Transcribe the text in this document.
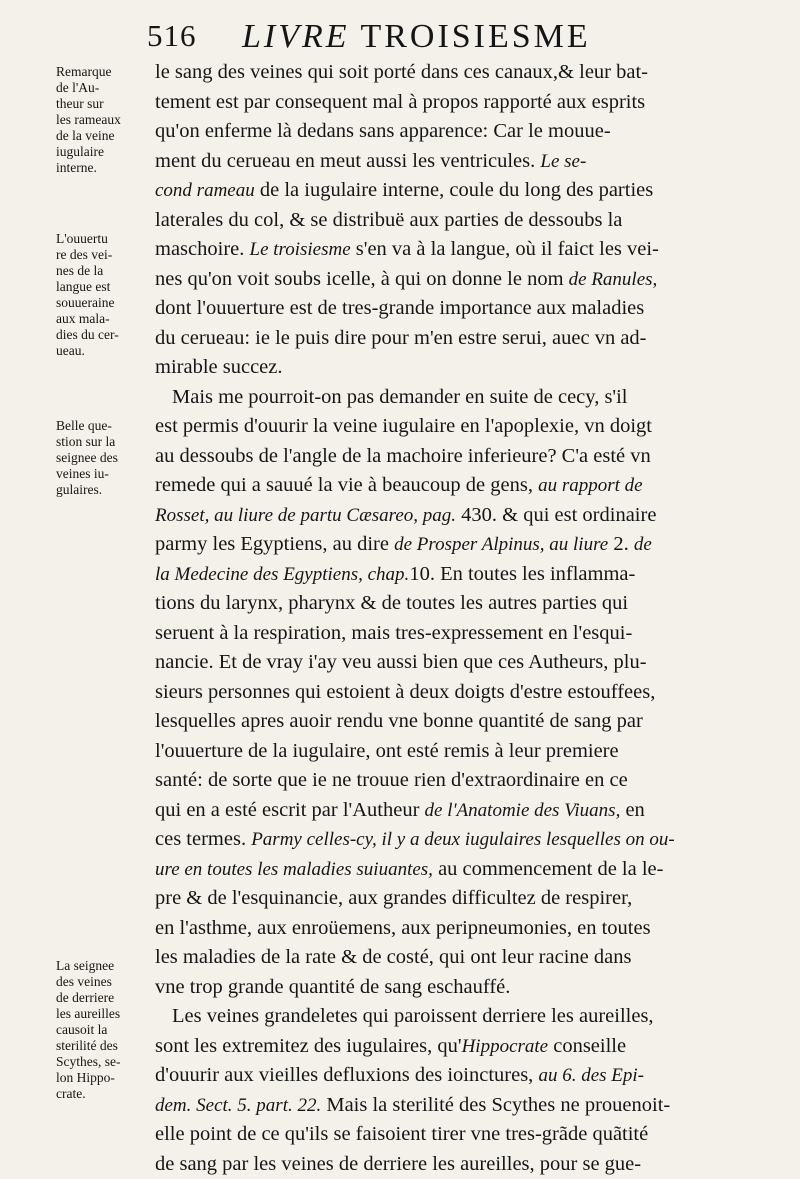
516 LIVRE TROISIESME
Remarque
de l'Au-
theur sur
les rameaux
de la veine
iugulaire
interne.
L'ouuertu
re des vei-
nes de la
langue est
souueraine
aux mala-
dies du cer-
ueau.
Belle que-
stion sur la
seignee des
veines iu-
gulaires.
La seignee
des veines
de derriere
les aureilles
causoit la
sterilité des
Scythes, se-
lon Hippo-
crate.
le sang des veines qui soit porté dans ces canaux,& leur bat-
tement est par consequent mal à propos rapporté aux esprits
qu'on enferme là dedans sans apparence: Car le mouue-
ment du cerueau en meut aussi les ventricules. Le se-
cond rameau de la iugulaire interne, coule du long des parties
laterales du col, & se distribuë aux parties de dessoubs la
maschoire. Le troisiesme s'en va à la langue, où il faict les vei-
nes qu'on voit soubs icelle, à qui on donne le nom de Ranules,
dont l'ouuerture est de tres-grande importance aux maladies
du cerueau: ie le puis dire pour m'en estre serui, auec vn ad-
mirable succez.
Mais me pourroit-on pas demander en suite de cecy, s'il
est permis d'ouurir la veine iugulaire en l'apoplexie, vn doigt
au dessoubs de l'angle de la machoire inferieure? C'a esté vn
remede qui a sauué la vie à beaucoup de gens, au rapport de
Rosset, au liure de partu Cæsareo, pag. 430. & qui est ordinaire
parmy les Egyptiens, au dire de Prosper Alpinus, au liure 2. de
la Medecine des Egyptiens, chap.10. En toutes les inflamma-
tions du larynx, pharynx & de toutes les autres parties qui
seruent à la respiration, mais tres-expressement en l'esqui-
nancie. Et de vray i'ay veu aussi bien que ces Autheurs, plu-
sieurs personnes qui estoient à deux doigts d'estre estouffees,
lesquelles apres auoir rendu vne bonne quantité de sang par
l'ouuerture de la iugulaire, ont esté remis à leur premiere
santé: de sorte que ie ne trouue rien d'extraordinaire en ce
qui en a esté escrit par l'Autheur de l'Anatomie des Viuans, en
ces termes. Parmy celles-cy, il y a deux iugulaires lesquelles on ou-
ure en toutes les maladies suiuantes, au commencement de la le-
pre & de l'esquinancie, aux grandes difficultez de respirer,
en l'asthme, aux enroüemens, aux peripneumonies, en toutes
les maladies de la rate & de costé, qui ont leur racine dans
vne trop grande quantité de sang eschauffé.
Les veines grandeletes qui paroissent derriere les aureilles,
sont les extremitez des iugulaires, qu'Hippocrate conseille
d'ouurir aux vieilles defluxions des ioinctures, au 6. des Epi-
dem. Sect. 5. part. 22. Mais la sterilité des Scythes ne prouenoit-
elle point de ce qu'ils se faisoient tirer vne tres-grãde quãtité
de sang par les veines de derriere les aureilles, pour se gue-
